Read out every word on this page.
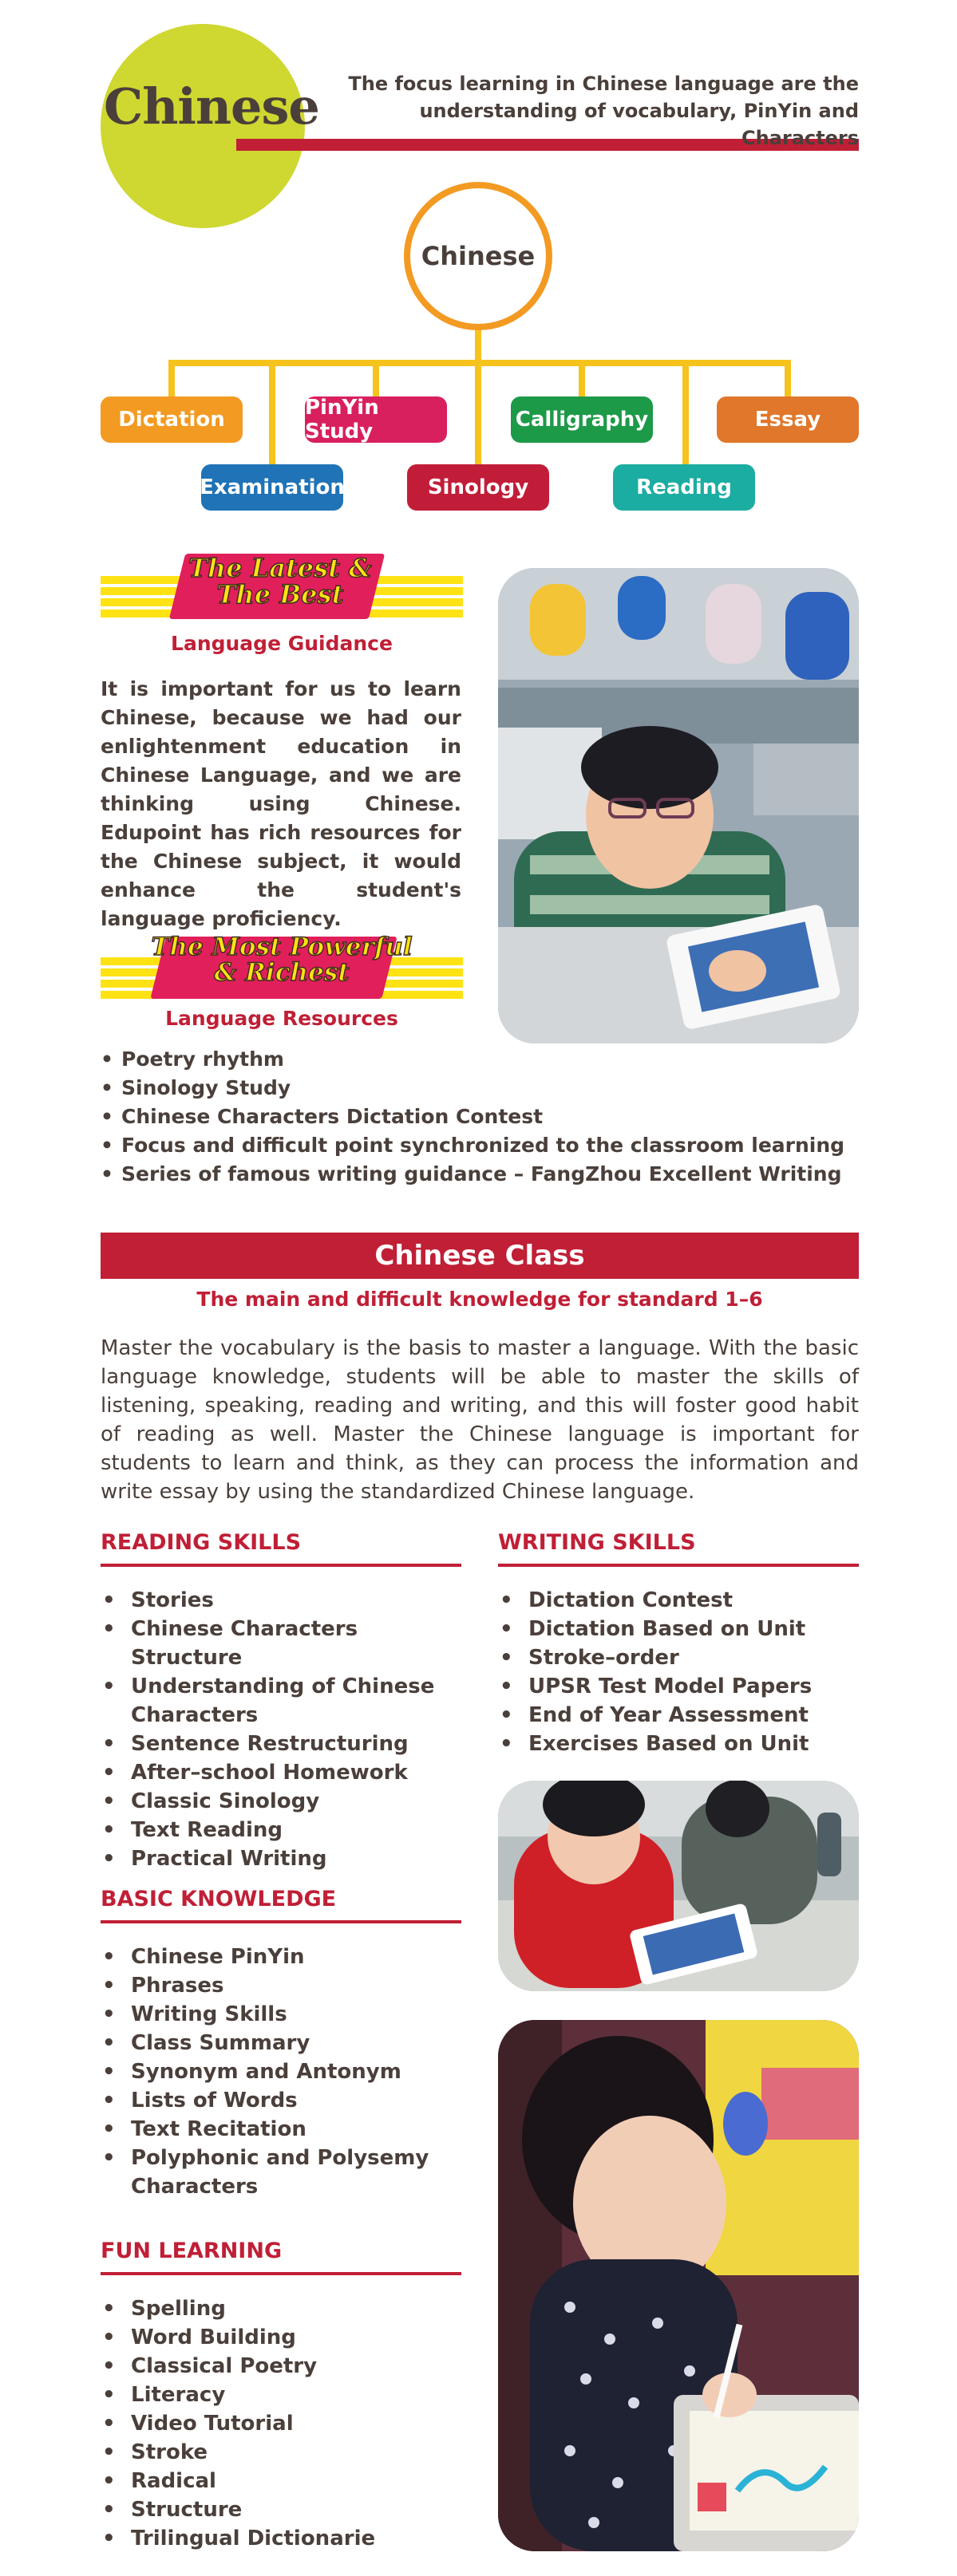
Chinese	The focus learning in Chinese language are the understanding of vocabulary, PinYin and Characters
Chinese
Dictation	PinYin Study	Calligraphy	Essay
Examination	Sinology	Reading
The Latest &
The Best
Language Guidance
It is important for us to learn Chinese, because we had our enlightenment education in Chinese Language, and we are thinking using Chinese. Edupoint has rich resources for the Chinese subject, it would enhance the student's language proficiency.
The Most Powerful
& Richest
Language Resources
• Poetry rhythm
• Sinology Study
• Chinese Characters Dictation Contest
• Focus and difficult point synchronized to the classroom learning
• Series of famous writing guidance – FangZhou Excellent Writing
Chinese Class
The main and difficult knowledge for standard 1–6
Master the vocabulary is the basis to master a language. With the basic language knowledge, students will be able to master the skills of listening, speaking, reading and writing, and this will foster good habit of reading as well. Master the Chinese language is important for students to learn and think, as they can process the information and write essay by using the standardized Chinese language.
READING SKILLS
• Stories
• Chinese Characters Structure
• Understanding of Chinese Characters
• Sentence Restructuring
• After–school Homework
• Classic Sinology
• Text Reading
• Practical Writing
WRITING SKILLS
• Dictation Contest
• Dictation Based on Unit
• Stroke–order
• UPSR Test Model Papers
• End of Year Assessment
• Exercises Based on Unit
BASIC KNOWLEDGE
• Chinese PinYin
• Phrases
• Writing Skills
• Class Summary
• Synonym and Antonym
• Lists of Words
• Text Recitation
• Polyphonic and Polysemy Characters
FUN LEARNING
• Spelling
• Word Building
• Classical Poetry
• Literacy
• Video Tutorial
• Stroke
• Radical
• Structure
• Trilingual Dictionarie
